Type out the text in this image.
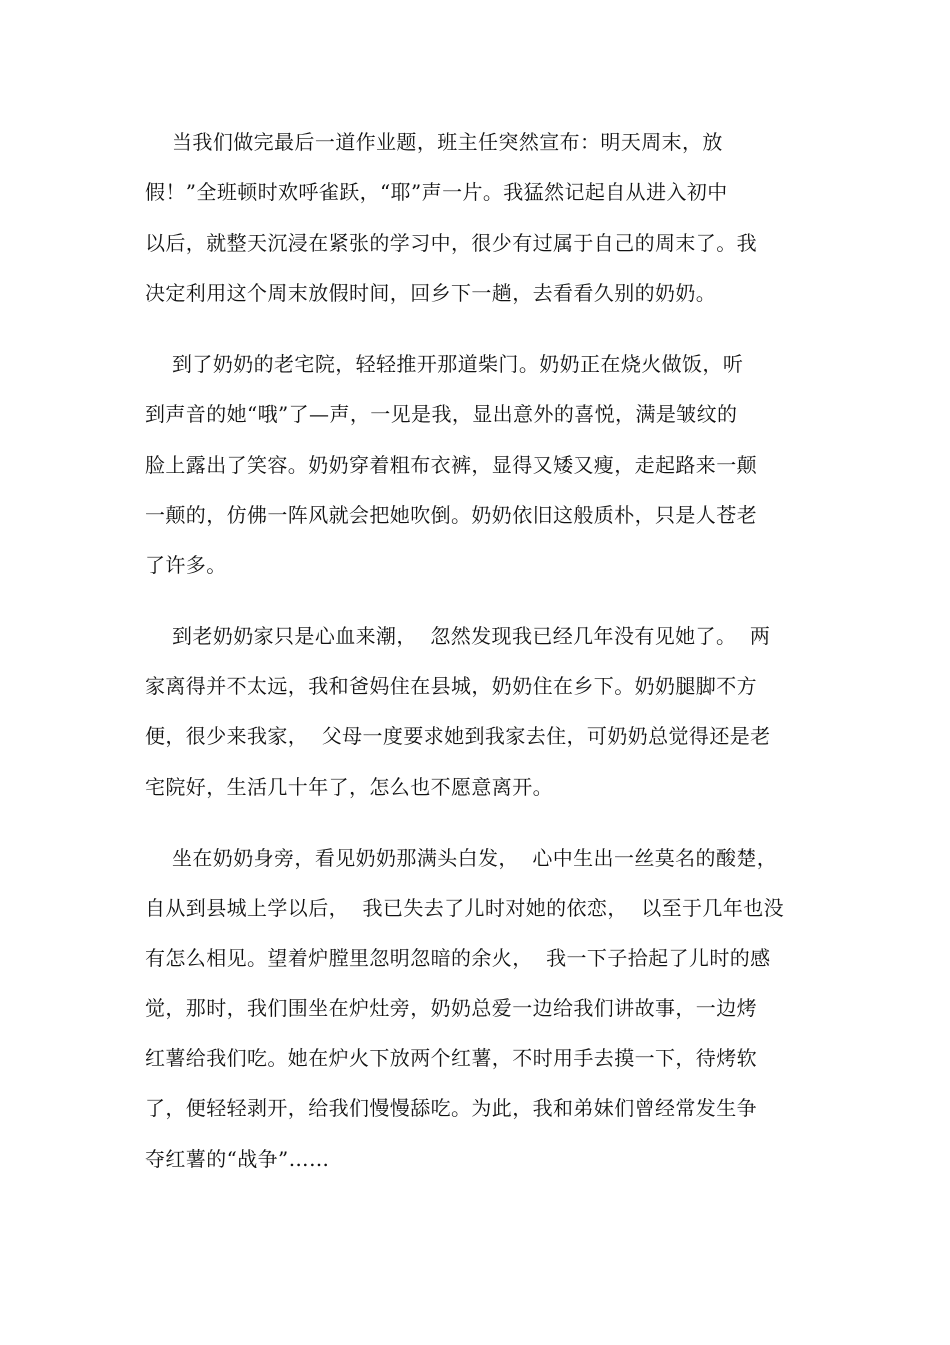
当我们做完最后一道作业题，班主任突然宣布：明天周末，放
假！”全班顿时欢呼雀跃，“耶”声一片。我猛然记起自从进入初中
以后，就整天沉浸在紧张的学习中，很少有过属于自己的周末了。我
决定利用这个周末放假时间，回乡下一趟，去看看久别的奶奶。
到了奶奶的老宅院，轻轻推开那道柴门。奶奶正在烧火做饭，听
到声音的她“哦”了—声，一见是我，显出意外的喜悦，满是皱纹的
脸上露出了笑容。奶奶穿着粗布衣裤，显得又矮又瘦，走起路来一颠
一颠的，仿佛一阵风就会把她吹倒。奶奶依旧这般质朴，只是人苍老
了许多。
到老奶奶家只是心血来潮，  忽然发现我已经几年没有见她了。  两
家离得并不太远，我和爸妈住在县城，奶奶住在乡下。奶奶腿脚不方
便，很少来我家，  父母一度要求她到我家去住，可奶奶总觉得还是老
宅院好，生活几十年了，怎么也不愿意离开。
坐在奶奶身旁，看见奶奶那满头白发，  心中生出一丝莫名的酸楚，
自从到县城上学以后，  我已失去了儿时对她的依恋，  以至于几年也没
有怎么相见。望着炉膛里忽明忽暗的余火，  我一下子拾起了儿时的感
觉，那时，我们围坐在炉灶旁，奶奶总爱一边给我们讲故事，一边烤
红薯给我们吃。她在炉火下放两个红薯，不时用手去摸一下，待烤软
了，便轻轻剥开，给我们慢慢舔吃。为此，我和弟妹们曾经常发生争
夺红薯的“战争”……
